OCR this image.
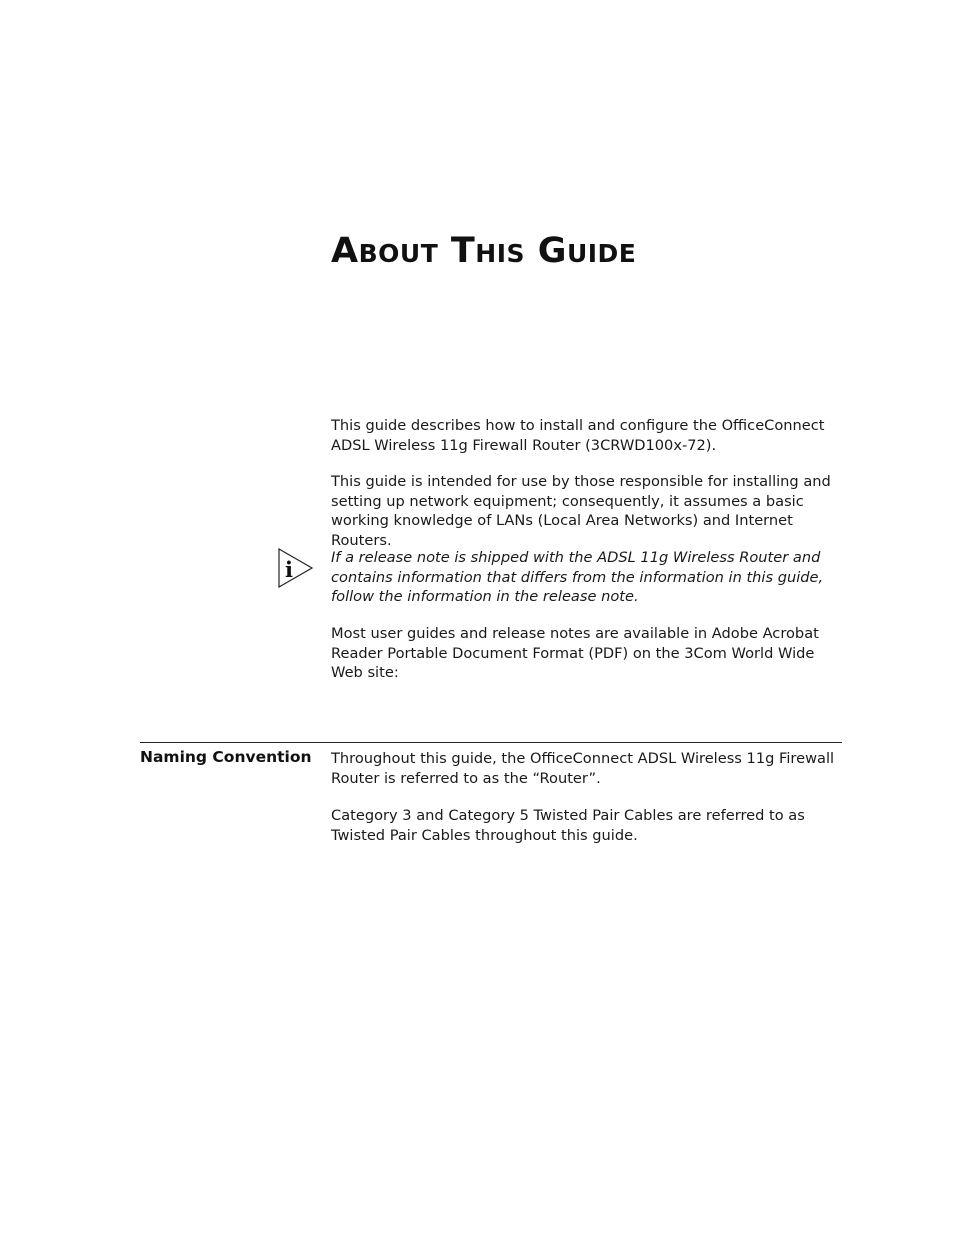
About This Guide

This guide describes how to install and configure the OfficeConnect ADSL Wireless 11g Firewall Router (3CRWD100x-72).

This guide is intended for use by those responsible for installing and setting up network equipment; consequently, it assumes a basic working knowledge of LANs (Local Area Networks) and Internet Routers.

i	If a release note is shipped with the ADSL 11g Wireless Router and contains information that differs from the information in this guide, follow the information in the release note.

Most user guides and release notes are available in Adobe Acrobat Reader Portable Document Format (PDF) on the 3Com World Wide Web site:

Naming Convention Throughout this guide, the OfficeConnect ADSL Wireless 11g Firewall Router is referred to as the “Router”.

Category 3 and Category 5 Twisted Pair Cables are referred to as Twisted Pair Cables throughout this guide.
